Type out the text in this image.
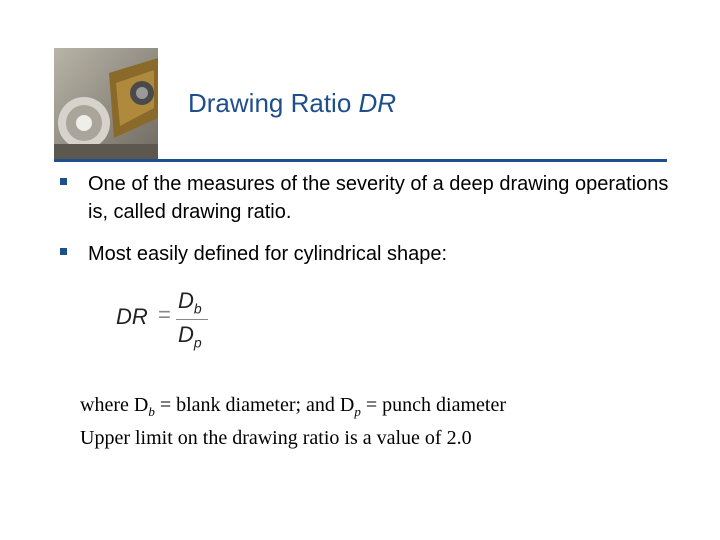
Drawing Ratio DR
One of the measures of the severity of a deep drawing operations is, called drawing ratio.
Most easily defined for cylindrical shape:
DR =
$D_b$
$D_p$
where $D_b$ = blank diameter; and $D_p$ = punch diameter
Upper limit on the drawing ratio is a value of 2.0
